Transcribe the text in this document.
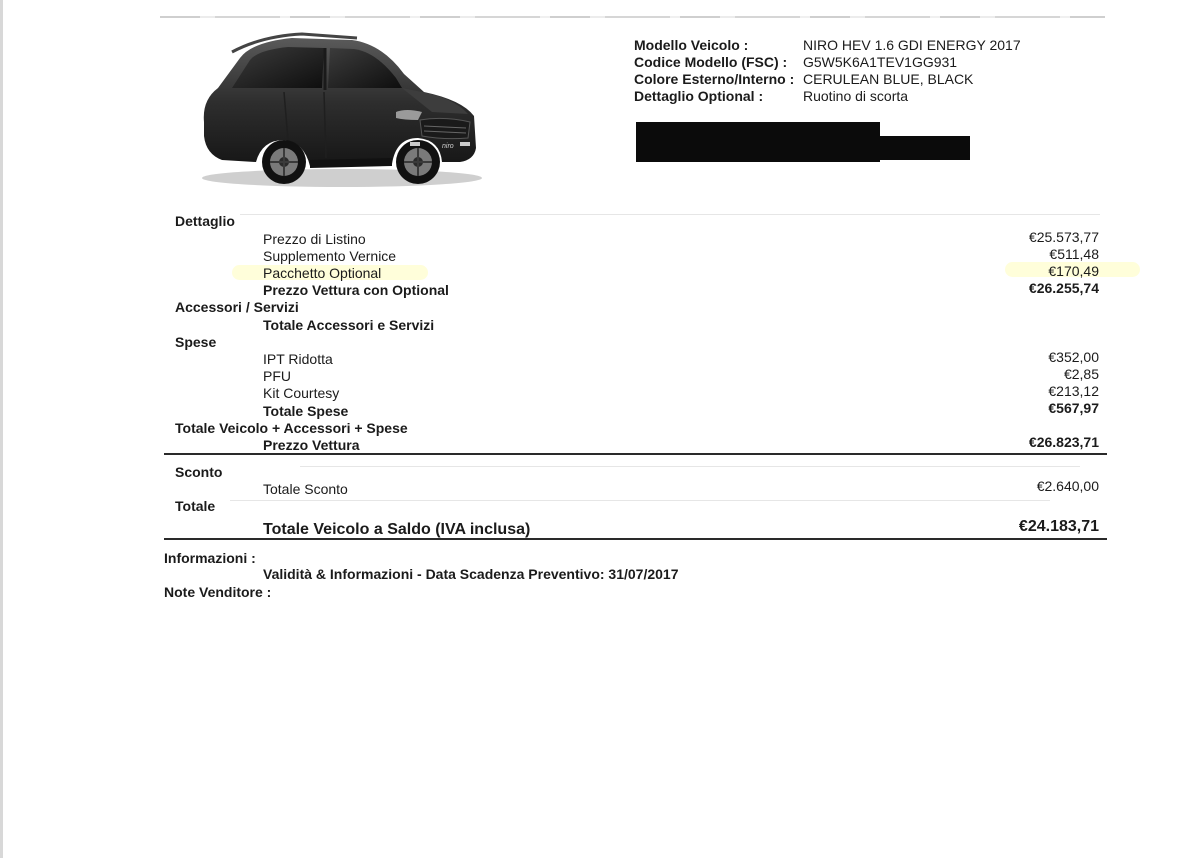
niro
Modello Veicolo :	NIRO HEV 1.6 GDI ENERGY 2017
Codice Modello (FSC) : G5W5K6A1TEV1GG931
Colore Esterno/Interno : CERULEAN BLUE, BLACK
Dettaglio Optional :	Ruotino di scorta
Dettaglio
Prezzo di Listino	€25.573,77
Supplemento Vernice	€511,48
Pacchetto Optional	€170,49
Prezzo Vettura con Optional	€26.255,74
Accessori / Servizi
Totale Accessori e Servizi
Spese
IPT Ridotta	€352,00
PFU	€2,85
Kit Courtesy	€213,12
Totale Spese	€567,97
Totale Veicolo + Accessori + Spese
Prezzo Vettura	€26.823,71
Sconto
Totale Sconto	€2.640,00
Totale
Totale Veicolo a Saldo (IVA inclusa)	€24.183,71
Informazioni :
Validità & Informazioni - Data Scadenza Preventivo: 31/07/2017
Note Venditore :
